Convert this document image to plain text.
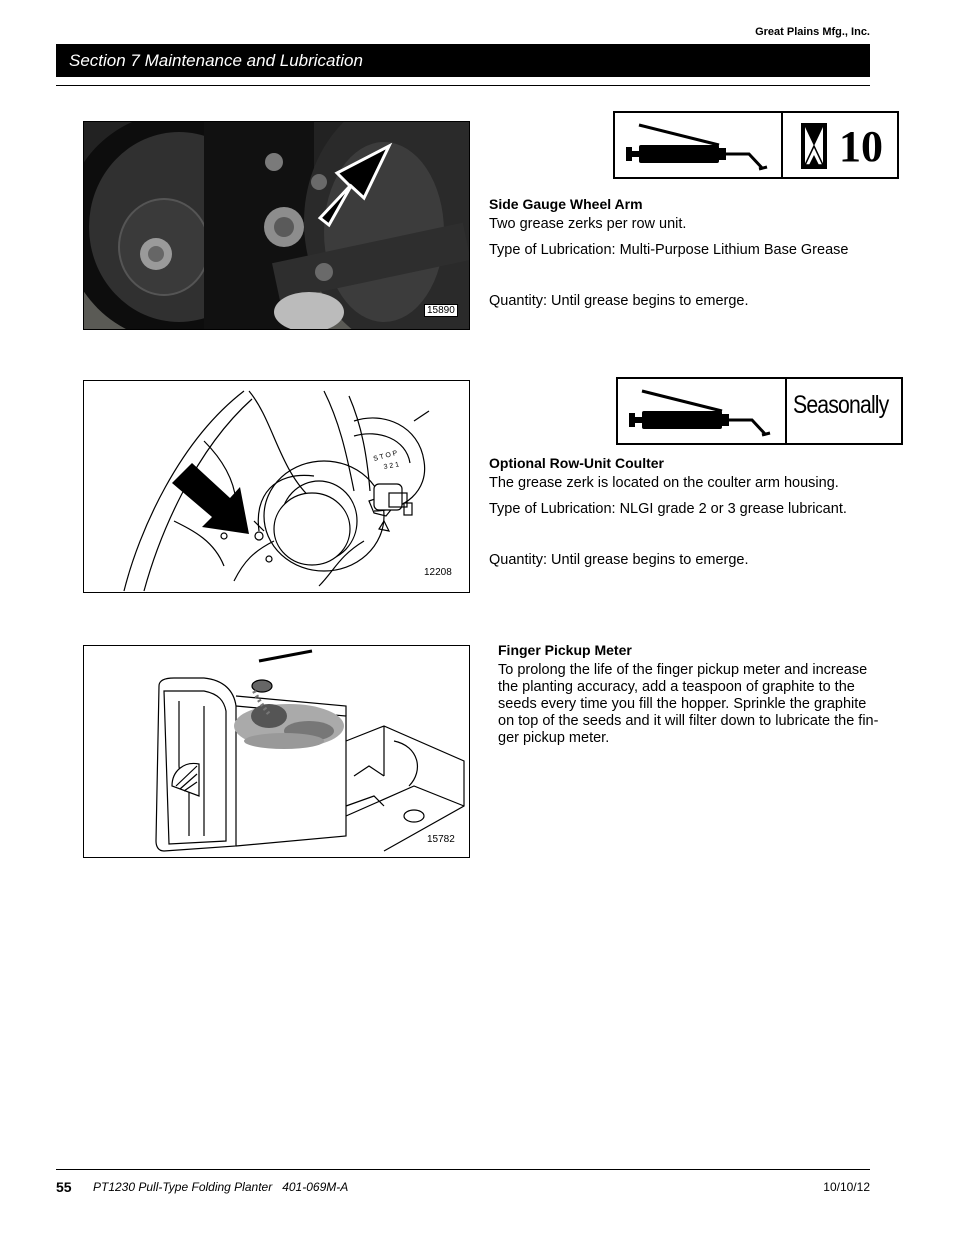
Great Plains Mfg., Inc.
Section 7 Maintenance and Lubrication
15890
10
Side Gauge Wheel Arm
Two grease zerks per row unit.
Type of Lubrication: Multi-Purpose Lithium Base Grease
Quantity: Until grease begins to emerge.
S T O P
3 2 1
12208
Seasonally
Optional Row-Unit Coulter
The grease zerk is located on the coulter arm housing.
Type of Lubrication: NLGI grade 2 or 3 grease lubricant.
Quantity: Until grease begins to emerge.
15782
Finger Pickup Meter
To prolong the life of the finger pickup meter and increase
the planting accuracy, add a teaspoon of graphite to the
seeds every time you fill the hopper. Sprinkle the graphite
on top of the seeds and it will filter down to lubricate the fin-
ger pickup meter.
55 PT1230 Pull-Type Folding Planter   401-069M-A	10/10/12
